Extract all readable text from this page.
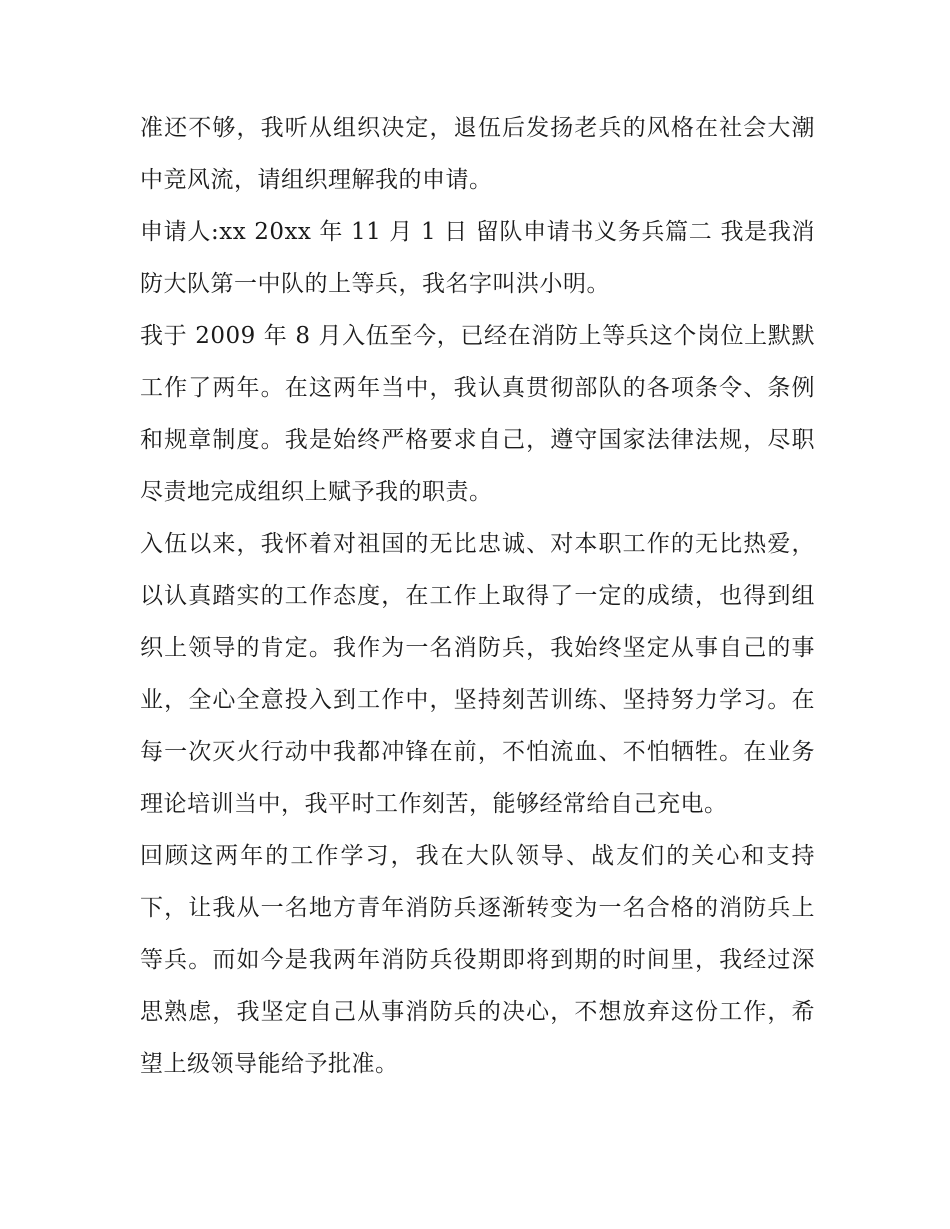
准还不够，我听从组织决定，退伍后发扬老兵的风格在社会大潮中竞风流，请组织理解我的申请。

申请人:xx 20xx 年 11 月 1 日 留队申请书义务兵篇二 我是我消防大队第一中队的上等兵，我名字叫洪小明。

我于 2009 年 8 月入伍至今，已经在消防上等兵这个岗位上默默工作了两年。在这两年当中，我认真贯彻部队的各项条令、条例和规章制度。我是始终严格要求自己，遵守国家法律法规，尽职尽责地完成组织上赋予我的职责。

入伍以来，我怀着对祖国的无比忠诚、对本职工作的无比热爱，以认真踏实的工作态度，在工作上取得了一定的成绩，也得到组织上领导的肯定。我作为一名消防兵，我始终坚定从事自己的事业，全心全意投入到工作中，坚持刻苦训练、坚持努力学习。在每一次灭火行动中我都冲锋在前，不怕流血、不怕牺牲。在业务理论培训当中，我平时工作刻苦，能够经常给自己充电。

回顾这两年的工作学习，我在大队领导、战友们的关心和支持下，让我从一名地方青年消防兵逐渐转变为一名合格的消防兵上等兵。而如今是我两年消防兵役期即将到期的时间里，我经过深思熟虑，我坚定自己从事消防兵的决心，不想放弃这份工作，希望上级领导能给予批准。
